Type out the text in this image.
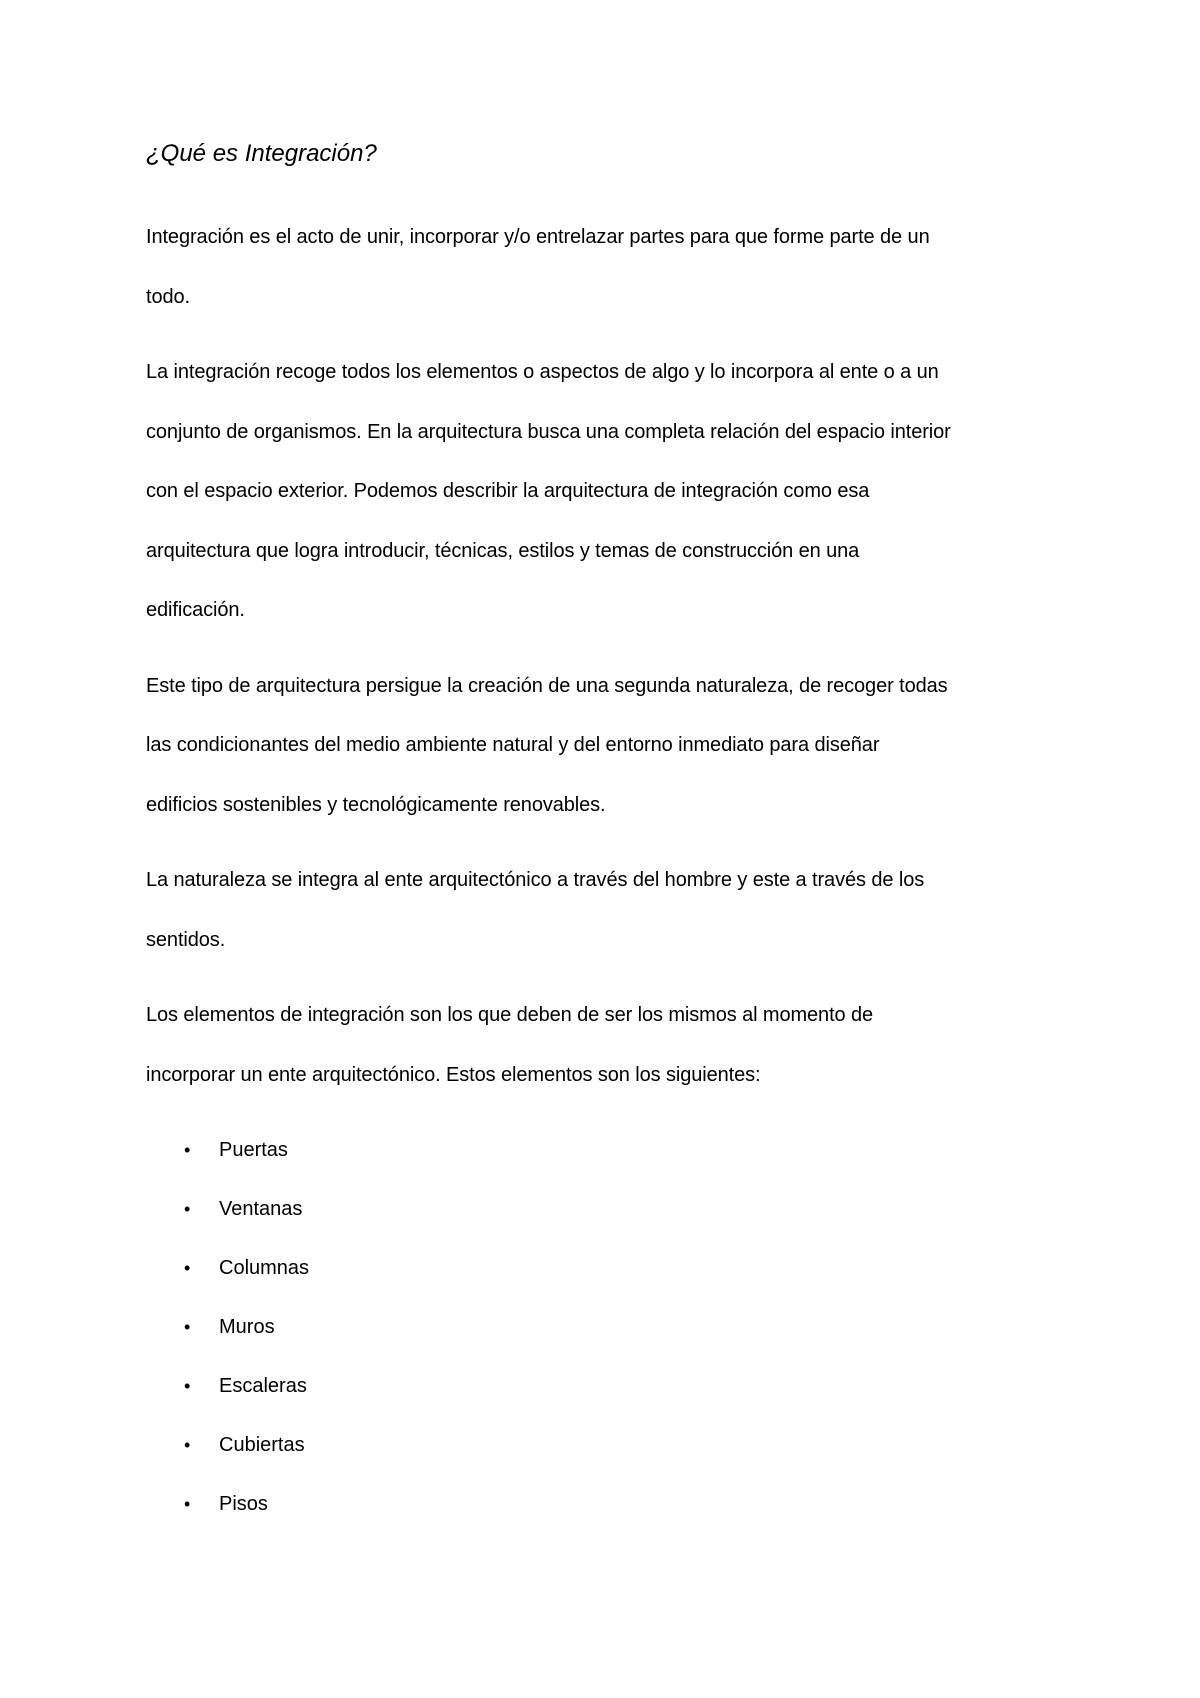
¿Qué es Integración?

Integración es el acto de unir, incorporar y/o entrelazar partes para que forme parte de un
todo.

La integración recoge todos los elementos o aspectos de algo y lo incorpora al ente o a un
conjunto de organismos. En la arquitectura busca una completa relación del espacio interior
con el espacio exterior. Podemos describir la arquitectura de integración como esa
arquitectura que logra introducir, técnicas, estilos y temas de construcción en una
edificación.

Este tipo de arquitectura persigue la creación de una segunda naturaleza, de recoger todas
las condicionantes del medio ambiente natural y del entorno inmediato para diseñar
edificios sostenibles y tecnológicamente renovables.

La naturaleza se integra al ente arquitectónico a través del hombre y este a través de los
sentidos.

Los elementos de integración son los que deben de ser los mismos al momento de
incorporar un ente arquitectónico. Estos elementos son los siguientes:

• Puertas
• Ventanas
• Columnas
• Muros
• Escaleras
• Cubiertas
• Pisos
